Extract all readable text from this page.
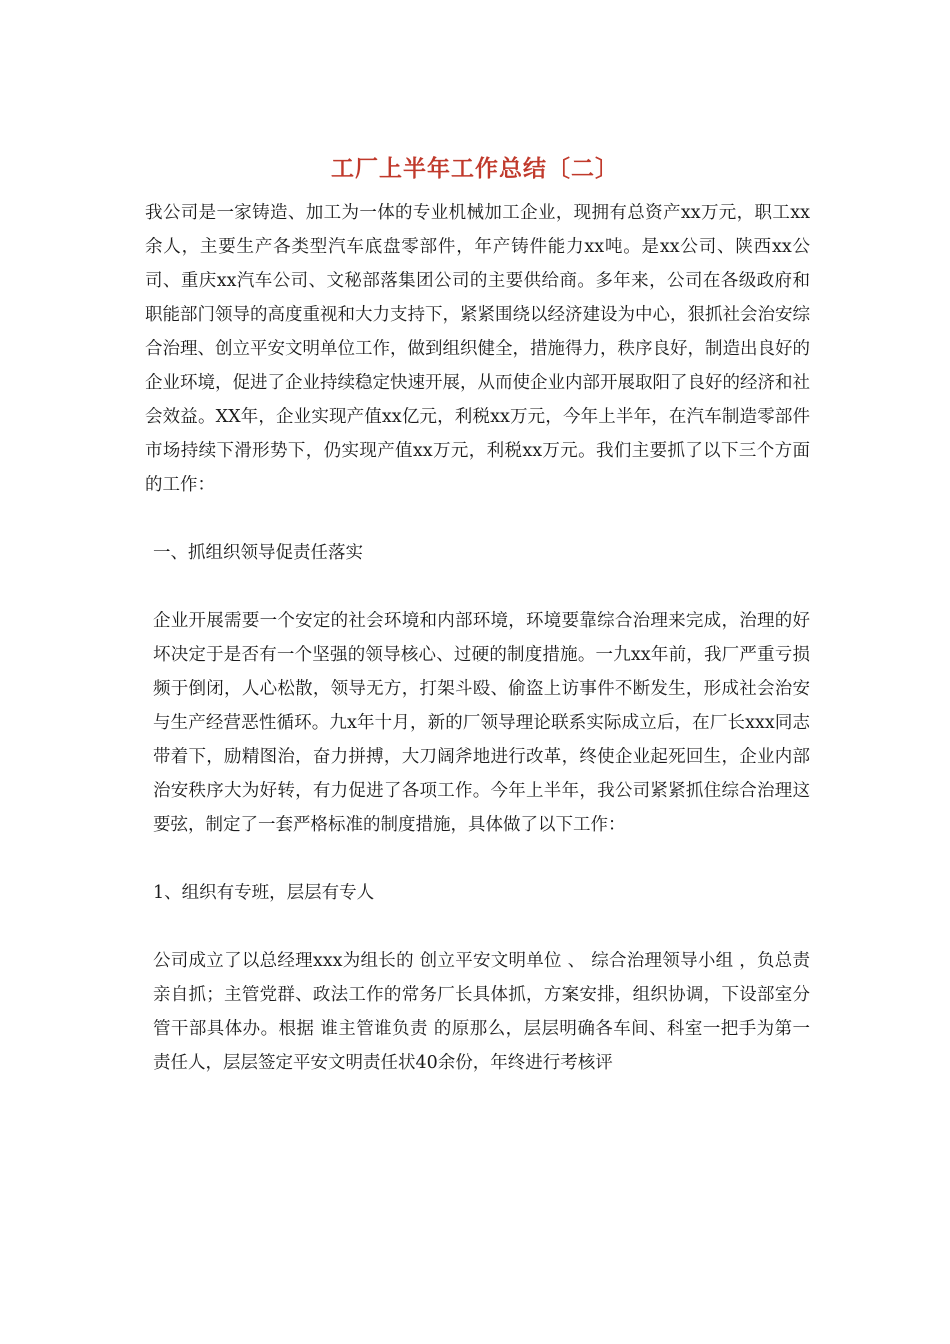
工厂上半年工作总结〔二〕

我公司是一家铸造、加工为一体的专业机械加工企业，现拥有总资产xx万元，职工xx余人，主要生产各类型汽车底盘零部件，年产铸件能力xx吨。是xx公司、陕西xx公司、重庆xx汽车公司、文秘部落集团公司的主要供给商。多年来，公司在各级政府和职能部门领导的高度重视和大力支持下，紧紧围绕以经济建设为中心，狠抓社会治安综合治理、创立平安文明单位工作，做到组织健全，措施得力，秩序良好，制造出良好的企业环境，促进了企业持续稳定快速开展，从而使企业内部开展取阳了良好的经济和社会效益。XX年，企业实现产值xx亿元，利税xx万元，今年上半年，在汽车制造零部件市场持续下滑形势下，仍实现产值xx万元，利税xx万元。我们主要抓了以下三个方面的工作：

一、抓组织领导促责任落实

企业开展需要一个安定的社会环境和内部环境，环境要靠综合治理来完成，治理的好坏决定于是否有一个坚强的领导核心、过硬的制度措施。一九xx年前，我厂严重亏损频于倒闭，人心松散，领导无方，打架斗殴、偷盗上访事件不断发生，形成社会治安与生产经营恶性循环。九x年十月，新的厂领导理论联系实际成立后，在厂长xxx同志带着下，励精图治，奋力拼搏，大刀阔斧地进行改革，终使企业起死回生，企业内部治安秩序大为好转，有力促进了各项工作。今年上半年，我公司紧紧抓住综合治理这要弦，制定了一套严格标准的制度措施，具体做了以下工作：

1、组织有专班，层层有专人

公司成立了以总经理xxx为组长的 创立平安文明单位 、 综合治理领导小组 ，负总责亲自抓；主管党群、政法工作的常务厂长具体抓，方案安排，组织协调，下设部室分管干部具体办。根据 谁主管谁负责 的原那么，层层明确各车间、科室一把手为第一责任人，层层签定平安文明责任状40余份，年终进行考核评
